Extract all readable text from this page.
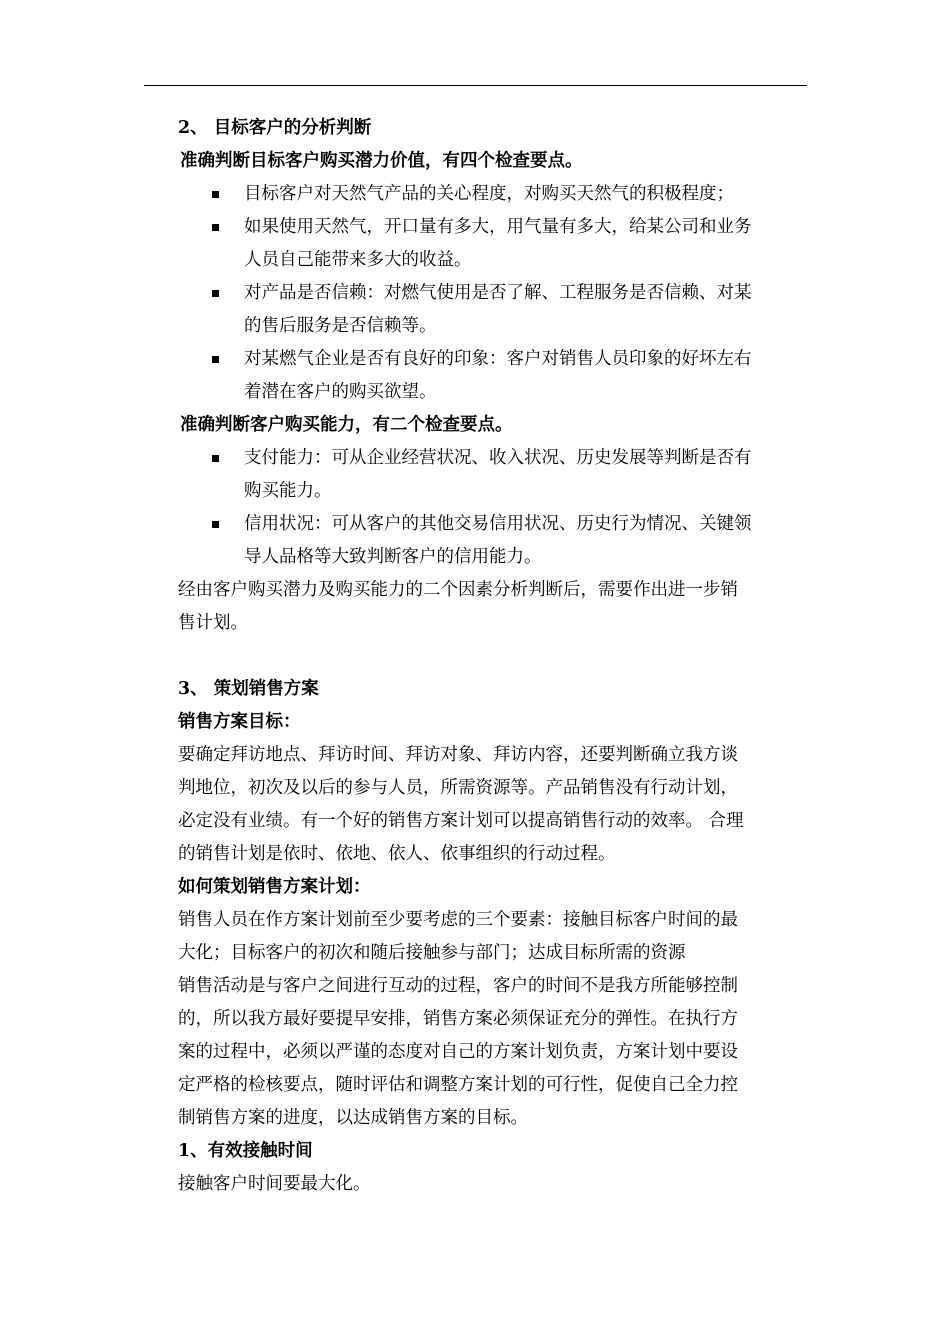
2、 目标客户的分析判断
准确判断目标客户购买潜力价值，有四个检查要点。
目标客户对天然气产品的关心程度，对购买天然气的积极程度；
如果使用天然气，开口量有多大，用气量有多大，给某公司和业务
人员自己能带来多大的收益。
对产品是否信赖：对燃气使用是否了解、工程服务是否信赖、对某
的售后服务是否信赖等。
对某燃气企业是否有良好的印象：客户对销售人员印象的好坏左右
着潜在客户的购买欲望。
准确判断客户购买能力，有二个检查要点。
支付能力：可从企业经营状况、收入状况、历史发展等判断是否有
购买能力。
信用状况：可从客户的其他交易信用状况、历史行为情况、关键领
导人品格等大致判断客户的信用能力。
经由客户购买潜力及购买能力的二个因素分析判断后，需要作出进一步销
售计划。
3、 策划销售方案
销售方案目标：
要确定拜访地点、拜访时间、拜访对象、拜访内容，还要判断确立我方谈
判地位，初次及以后的参与人员，所需资源等。产品销售没有行动计划，
必定没有业绩。有一个好的销售方案计划可以提高销售行动的效率。 合理
的销售计划是依时、依地、依人、依事组织的行动过程。
如何策划销售方案计划：
销售人员在作方案计划前至少要考虑的三个要素：接触目标客户时间的最
大化；目标客户的初次和随后接触参与部门；达成目标所需的资源
销售活动是与客户之间进行互动的过程，客户的时间不是我方所能够控制
的，所以我方最好要提早安排，销售方案必须保证充分的弹性。在执行方
案的过程中，必须以严谨的态度对自己的方案计划负责，方案计划中要设
定严格的检核要点，随时评估和调整方案计划的可行性，促使自己全力控
制销售方案的进度，以达成销售方案的目标。
1、有效接触时间
接触客户时间要最大化。
